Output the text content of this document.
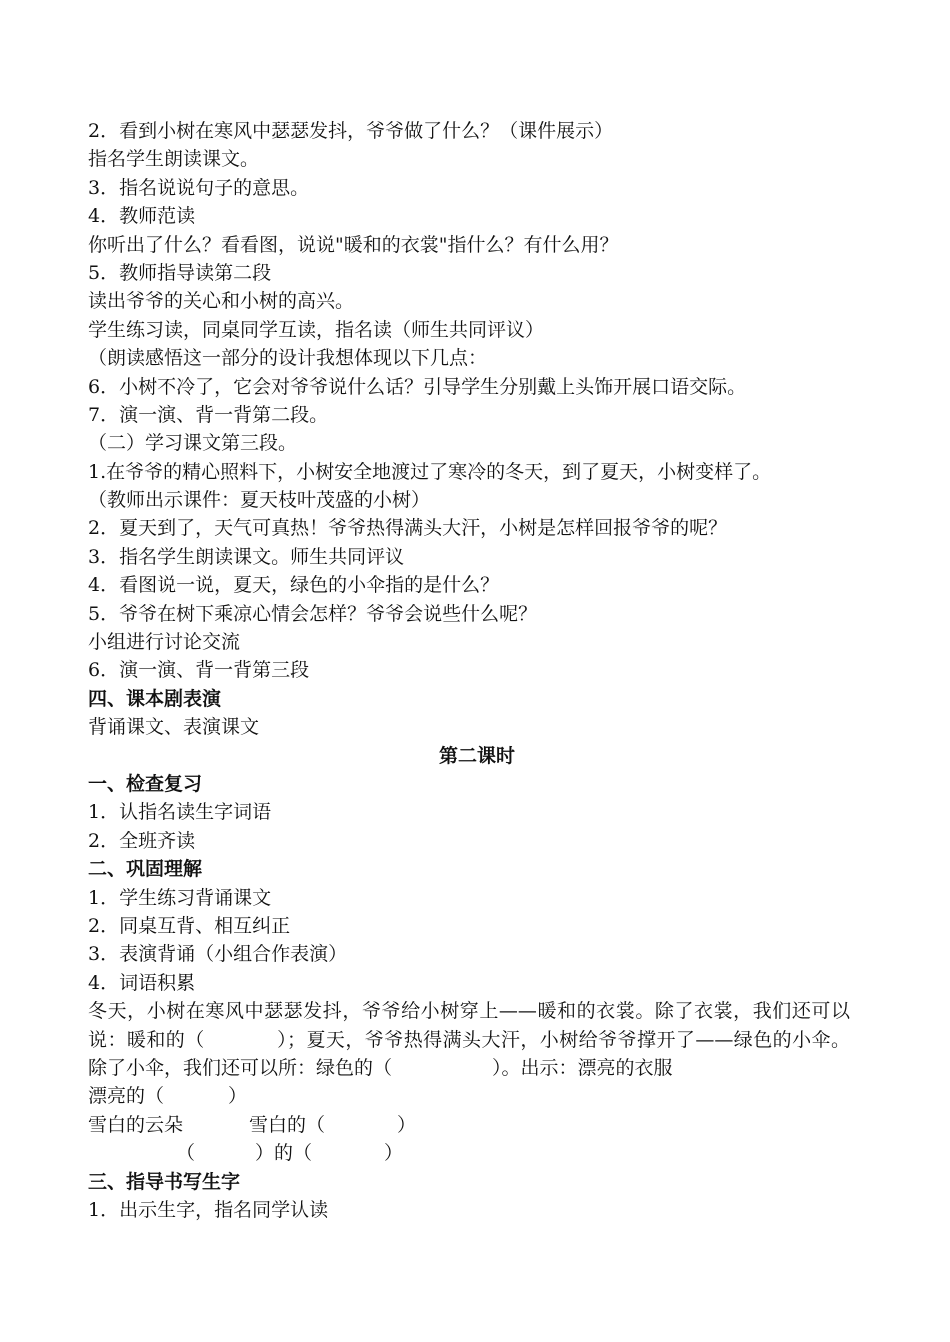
2．看到小树在寒风中瑟瑟发抖，爷爷做了什么？（课件展示）
指名学生朗读课文。
3．指名说说句子的意思。
4．教师范读
你听出了什么？看看图，说说"暖和的衣裳"指什么？有什么用？
5．教师指导读第二段
读出爷爷的关心和小树的高兴。
学生练习读，同桌同学互读，指名读（师生共同评议）
（朗读感悟这一部分的设计我想体现以下几点：
6．小树不冷了，它会对爷爷说什么话？引导学生分别戴上头饰开展口语交际。
7．演一演、背一背第二段。
（二）学习课文第三段。
1.在爷爷的精心照料下，小树安全地渡过了寒冷的冬天，到了夏天，小树变样了。
（教师出示课件：夏天枝叶茂盛的小树）
2．夏天到了，天气可真热！爷爷热得满头大汗，小树是怎样回报爷爷的呢？
3．指名学生朗读课文。师生共同评议
4．看图说一说，夏天，绿色的小伞指的是什么？
5．爷爷在树下乘凉心情会怎样？爷爷会说些什么呢？
小组进行讨论交流
6．演一演、背一背第三段
四、课本剧表演
背诵课文、表演课文
第二课时
一、检查复习
1．认指名读生字词语
2．全班齐读
二、巩固理解
1．学生练习背诵课文
2．同桌互背、相互纠正
3．表演背诵（小组合作表演）
4．词语积累

冬天，小树在寒风中瑟瑟发抖，爷爷给小树穿上——暖和的衣裳。除了衣裳，我们还可以说：暖和的（	）；夏天，爷爷热得满头大汗，小树给爷爷撑开了——绿色的小伞。除了小伞，我们还可以所：绿色的（	）。出示：漂亮的衣服

漂亮的（	）
雪白的云朵	雪白的（	）
（	）的（	）
三、指导书写生字
1．出示生字，指名同学认读
